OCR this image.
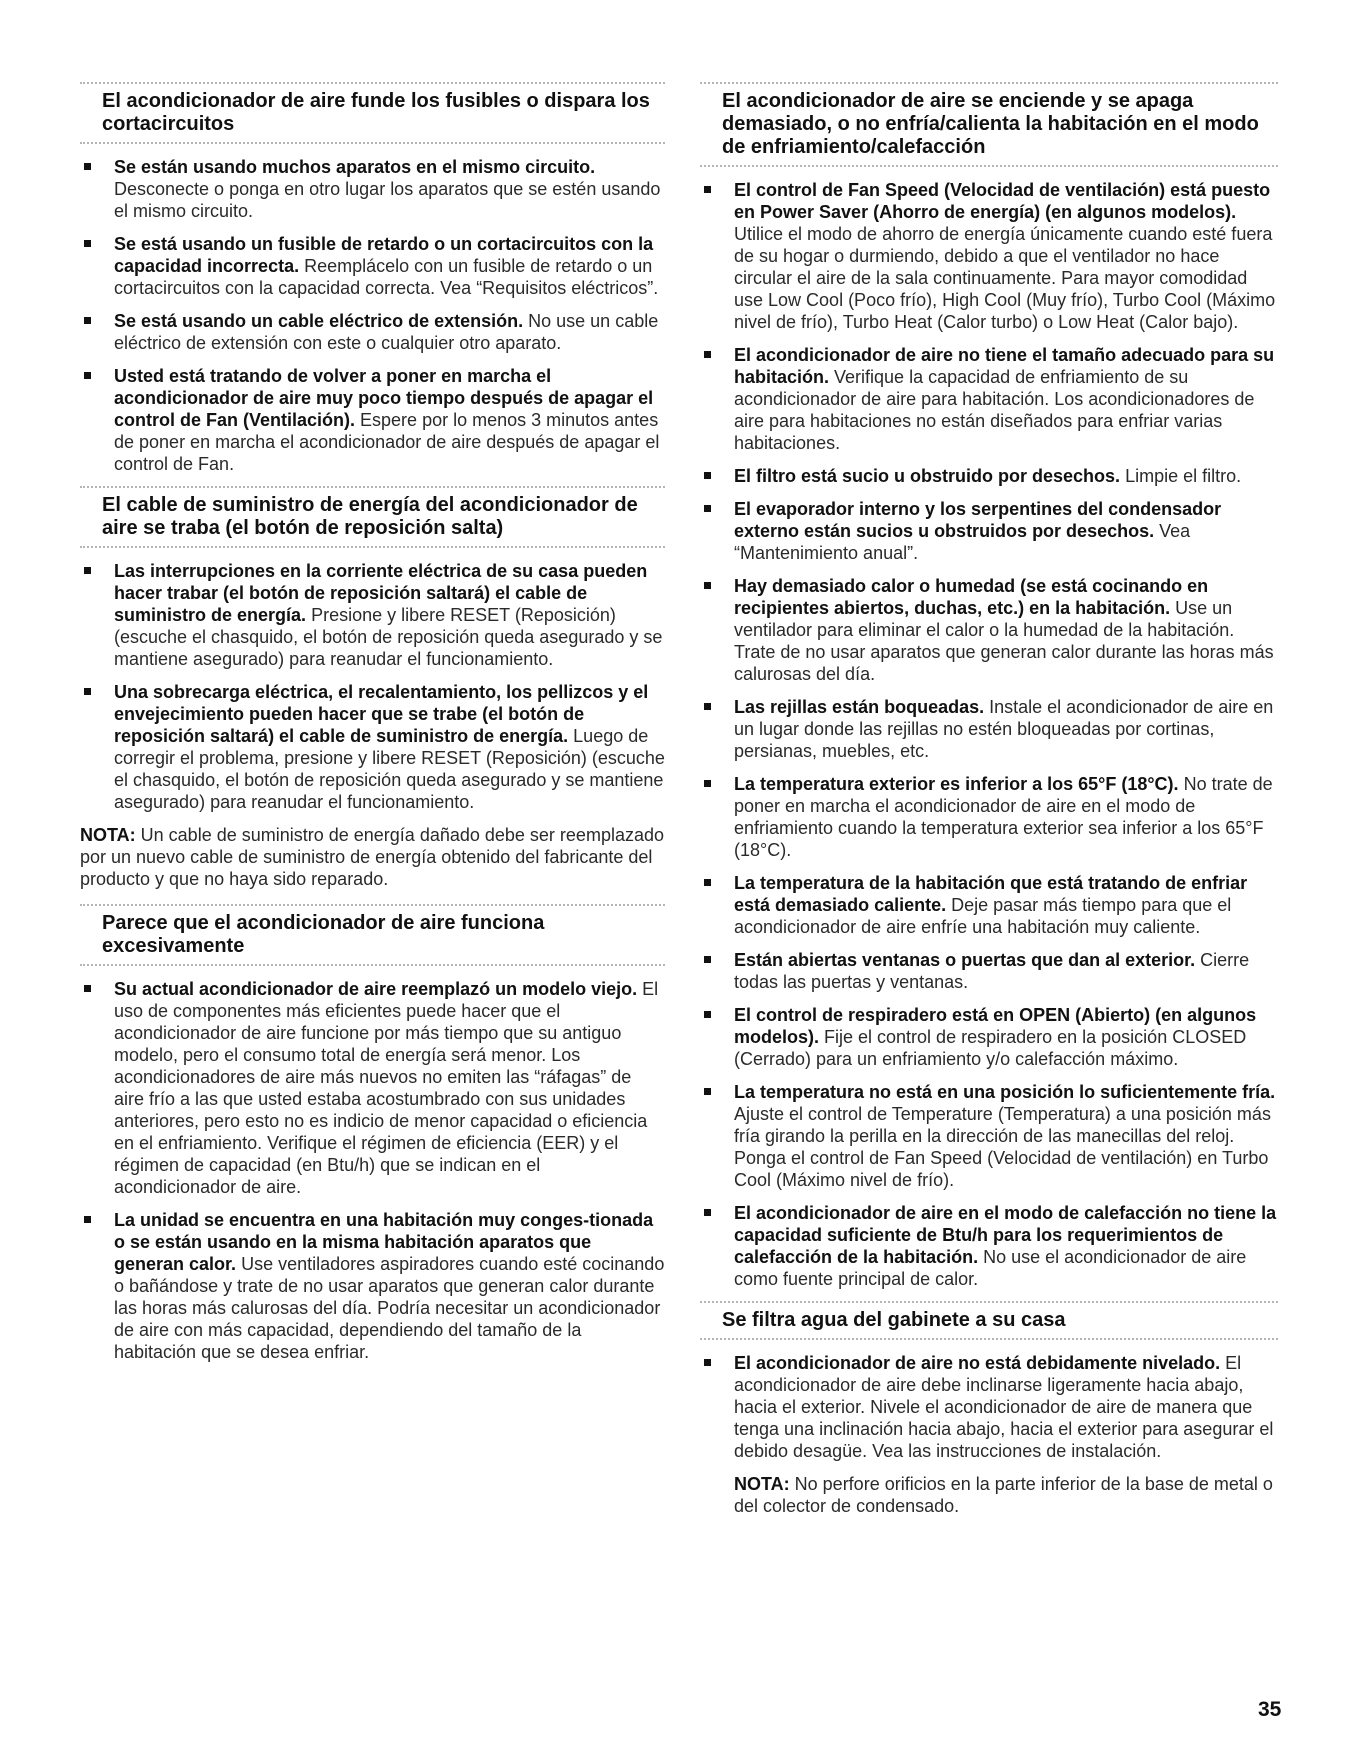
El acondicionador de aire funde los fusibles o dispara los cortacircuitos
Se están usando muchos aparatos en el mismo circuito. Desconecte o ponga en otro lugar los aparatos que se estén usando el mismo circuito.
Se está usando un fusible de retardo o un cortacircuitos con la capacidad incorrecta. Reemplácelo con un fusible de retardo o un cortacircuitos con la capacidad correcta. Vea “Requisitos eléctricos”.
Se está usando un cable eléctrico de extensión. No use un cable eléctrico de extensión con este o cualquier otro aparato.
Usted está tratando de volver a poner en marcha el acondicionador de aire muy poco tiempo después de apagar el control de Fan (Ventilación). Espere por lo menos 3 minutos antes de poner en marcha el acondicionador de aire después de apagar el control de Fan.
El cable de suministro de energía del acondicionador de aire se traba (el botón de reposición salta)
Las interrupciones en la corriente eléctrica de su casa pueden hacer trabar (el botón de reposición saltará) el cable de suministro de energía. Presione y libere RESET (Reposición) (escuche el chasquido, el botón de reposición queda asegurado y se mantiene asegurado) para reanudar el funcionamiento.
Una sobrecarga eléctrica, el recalentamiento, los pellizcos y el envejecimiento pueden hacer que se trabe (el botón de reposición saltará) el cable de suministro de energía. Luego de corregir el problema, presione y libere RESET (Reposición) (escuche el chasquido, el botón de reposición queda asegurado y se mantiene asegurado) para reanudar el funcionamiento.

NOTA: Un cable de suministro de energía dañado debe ser reemplazado por un nuevo cable de suministro de energía obtenido del fabricante del producto y que no haya sido reparado.

Parece que el acondicionador de aire funciona excesivamente
Su actual acondicionador de aire reemplazó un modelo viejo. El uso de componentes más eficientes puede hacer que el acondicionador de aire funcione por más tiempo que su antiguo modelo, pero el consumo total de energía será menor. Los acondicionadores de aire más nuevos no emiten las “ráfagas” de aire frío a las que usted estaba acostumbrado con sus unidades anteriores, pero esto no es indicio de menor capacidad o eficiencia en el enfriamiento. Verifique el régimen de eficiencia (EER) y el régimen de capacidad (en Btu/h) que se indican en el acondicionador de aire.
La unidad se encuentra en una habitación muy conges-tionada o se están usando en la misma habitación aparatos que generan calor. Use ventiladores aspiradores cuando esté cocinando o bañándose y trate de no usar aparatos que generan calor durante las horas más calurosas del día. Podría necesitar un acondicionador de aire con más capacidad, dependiendo del tamaño de la habitación que se desea enfriar.
El acondicionador de aire se enciende y se apaga demasiado, o no enfría/calienta la habitación en el modo de enfriamiento/calefacción
El control de Fan Speed (Velocidad de ventilación) está puesto en Power Saver (Ahorro de energía) (en algunos modelos). Utilice el modo de ahorro de energía únicamente cuando esté fuera de su hogar o durmiendo, debido a que el ventilador no hace circular el aire de la sala continuamente. Para mayor comodidad use Low Cool (Poco frío), High Cool (Muy frío), Turbo Cool (Máximo nivel de frío), Turbo Heat (Calor turbo) o Low Heat (Calor bajo).
El acondicionador de aire no tiene el tamaño adecuado para su habitación. Verifique la capacidad de enfriamiento de su acondicionador de aire para habitación. Los acondicionadores de aire para habitaciones no están diseñados para enfriar varias habitaciones.
El filtro está sucio u obstruido por desechos. Limpie el filtro.
El evaporador interno y los serpentines del condensador externo están sucios u obstruidos por desechos. Vea “Mantenimiento anual”.
Hay demasiado calor o humedad (se está cocinando en recipientes abiertos, duchas, etc.) en la habitación. Use un ventilador para eliminar el calor o la humedad de la habitación. Trate de no usar aparatos que generan calor durante las horas más calurosas del día.
Las rejillas están boqueadas. Instale el acondicionador de aire en un lugar donde las rejillas no estén bloqueadas por cortinas, persianas, muebles, etc.
La temperatura exterior es inferior a los 65°F (18°C). No trate de poner en marcha el acondicionador de aire en el modo de enfriamiento cuando la temperatura exterior sea inferior a los 65°F (18°C).
La temperatura de la habitación que está tratando de enfriar está demasiado caliente. Deje pasar más tiempo para que el acondicionador de aire enfríe una habitación muy caliente.
Están abiertas ventanas o puertas que dan al exterior. Cierre todas las puertas y ventanas.
El control de respiradero está en OPEN (Abierto) (en algunos modelos). Fije el control de respiradero en la posición CLOSED (Cerrado) para un enfriamiento y/o calefacción máximo.
La temperatura no está en una posición lo suficientemente fría. Ajuste el control de Temperature (Temperatura) a una posición más fría girando la perilla en la dirección de las manecillas del reloj. Ponga el control de Fan Speed (Velocidad de ventilación) en Turbo Cool (Máximo nivel de frío).
El acondicionador de aire en el modo de calefacción no tiene la capacidad suficiente de Btu/h para los requerimientos de calefacción de la habitación. No use el acondicionador de aire como fuente principal de calor.
Se filtra agua del gabinete a su casa
El acondicionador de aire no está debidamente nivelado. El acondicionador de aire debe inclinarse ligeramente hacia abajo, hacia el exterior. Nivele el acondicionador de aire de manera que tenga una inclinación hacia abajo, hacia el exterior para asegurar el debido desagüe. Vea las instrucciones de instalación.

NOTA: No perfore orificios en la parte inferior de la base de metal o del colector de condensado.

35
